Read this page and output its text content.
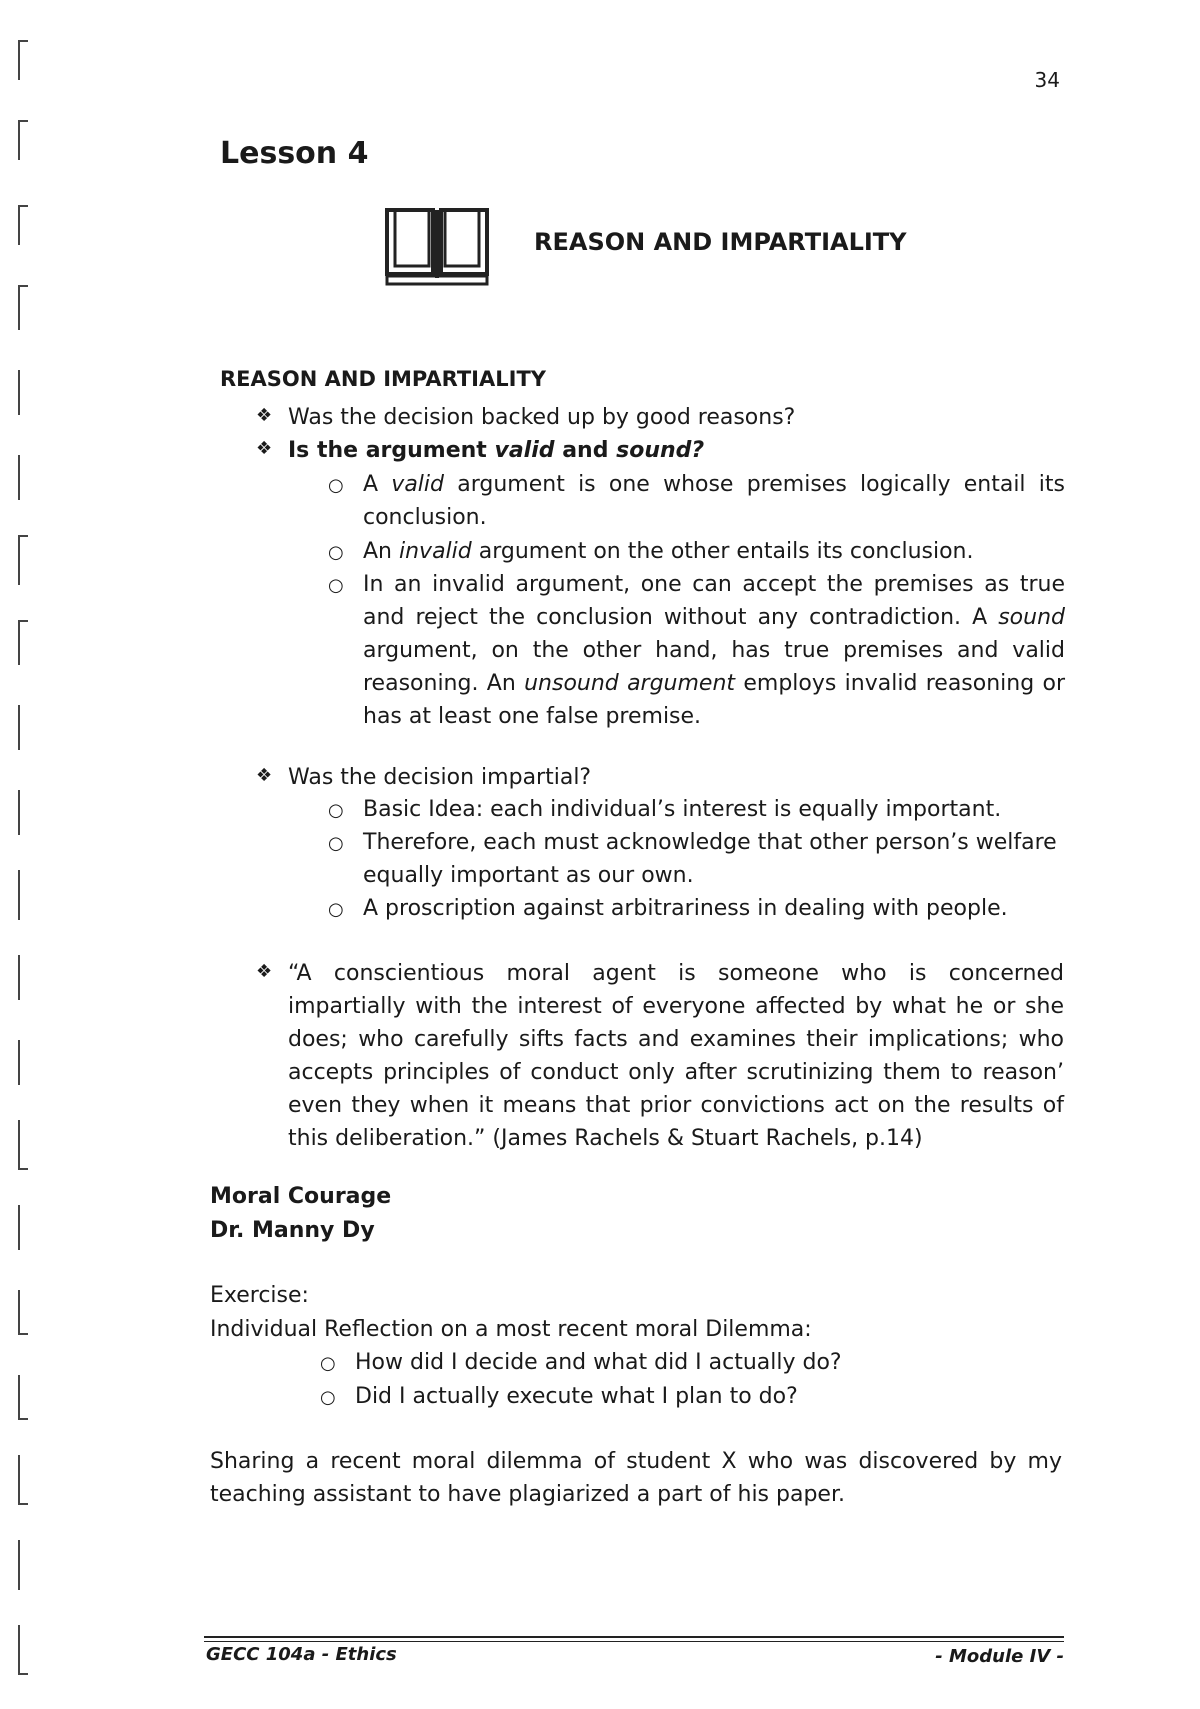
34
Lesson 4
REASON AND IMPARTIALITY
REASON AND IMPARTIALITY
❖ Was the decision backed up by good reasons?
❖ Is the argument valid and sound?
○ A valid argument is one whose premises logically entail its conclusion.
○ An invalid argument on the other entails its conclusion.
○ In an invalid argument, one can accept the premises as true and reject the conclusion without any contradiction. A sound argument, on the other hand, has true premises and valid reasoning. An unsound argument employs invalid reasoning or has at least one false premise.
❖ Was the decision impartial?
○ Basic Idea: each individual’s interest is equally important.
○ Therefore, each must acknowledge that other person’s welfare equally important as our own.
○ A proscription against arbitrariness in dealing with people.
❖ “A conscientious moral agent is someone who is concerned impartially with the interest of everyone affected by what he or she does; who carefully sifts facts and examines their implications; who accepts principles of conduct only after scrutinizing them to reason’ even they when it means that prior convictions act on the results of this deliberation.” (James Rachels & Stuart Rachels, p.14)
Moral Courage
Dr. Manny Dy
Exercise:
Individual Reflection on a most recent moral Dilemma:
○ How did I decide and what did I actually do?
○ Did I actually execute what I plan to do?
Sharing a recent moral dilemma of student X who was discovered by my teaching assistant to have plagiarized a part of his paper.
GECC 104a - Ethics	- Module IV -
